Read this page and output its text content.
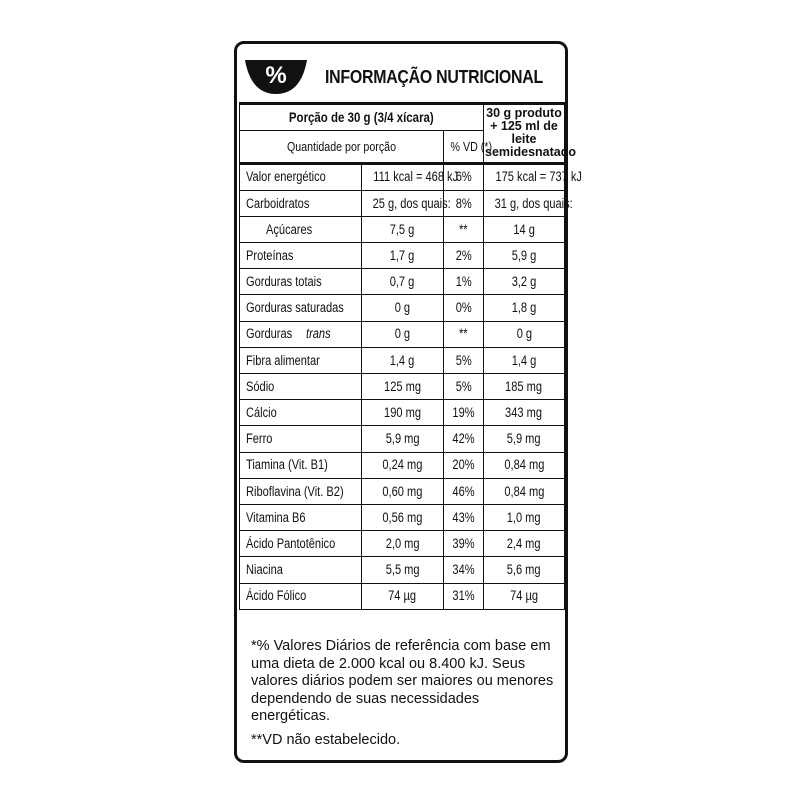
% INFORMAÇÃO NUTRICIONAL
Porção de 30 g (3/4 xícara)			30 g produto + 125 ml de leite semidesnatado
Quantidade por porção		% VD (*)	
Valor energético	111 kcal = 468 kJ	6%	175 kcal = 737 kJ
Carboidratos	25 g, dos quais:	8%	31 g, dos quais:
Açúcares	7,5 g	**	14 g
Proteínas	1,7 g	2%	5,9 g
Gorduras totais	0,7 g	1%	3,2 g
Gorduras saturadas	0 g	0%	1,8 g
Gorduras trans	0 g	**	0 g
Fibra alimentar	1,4 g	5%	1,4 g
Sódio	125 mg	5%	185 mg
Cálcio	190 mg	19%	343 mg
Ferro	5,9 mg	42%	5,9 mg
Tiamina (Vit. B1)	0,24 mg	20%	0,84 mg
Riboflavina (Vit. B2)	0,60 mg	46%	0,84 mg
Vitamina B6	0,56 mg	43%	1,0 mg
Ácido Pantotênico	2,0 mg	39%	2,4 mg
Niacina	5,5 mg	34%	5,6 mg
Ácido Fólico	74 µg	31%	74 µg

*% Valores Diários de referência com base em uma dieta de 2.000 kcal ou 8.400 kJ. Seus valores diários podem ser maiores ou menores dependendo de suas necessidades energéticas.

**VD não estabelecido.
